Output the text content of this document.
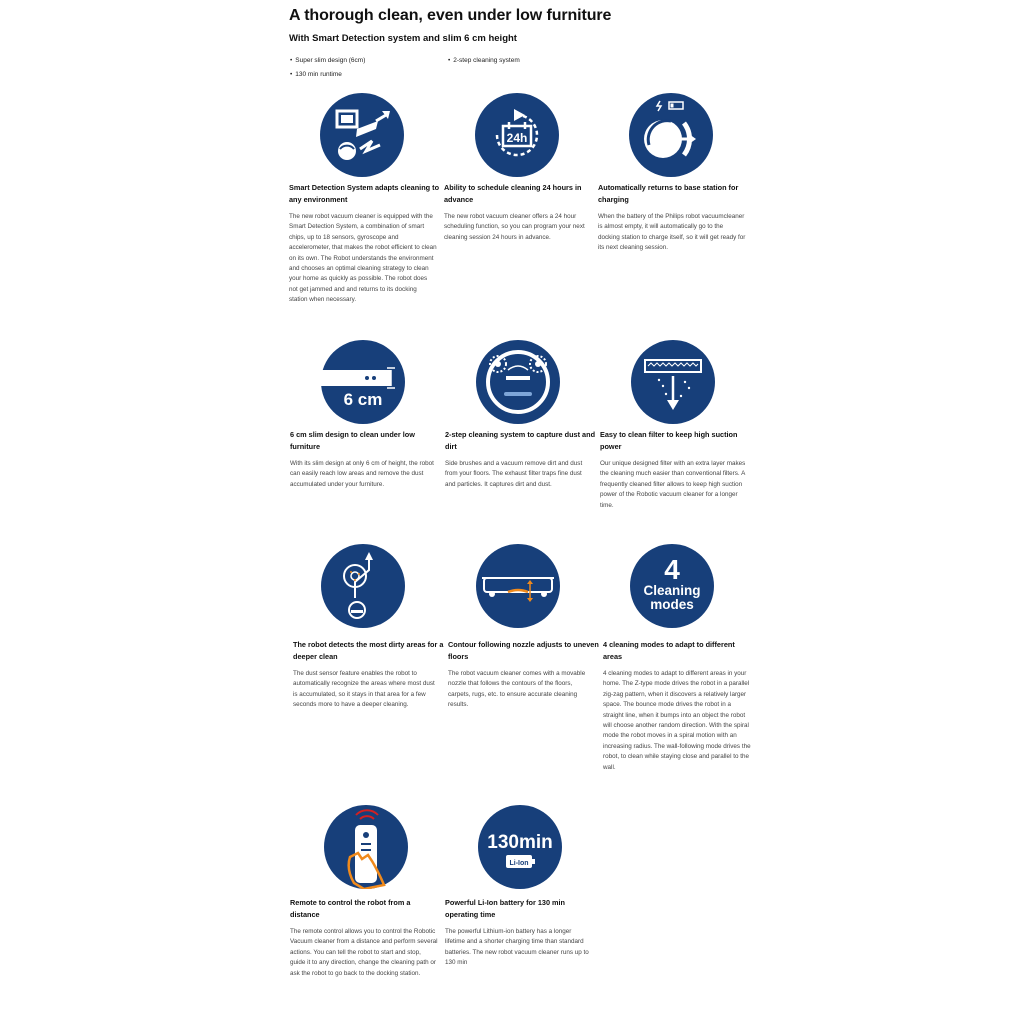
A thorough clean, even under low furniture
With Smart Detection system and slim 6 cm height
• Super slim design (6cm)
•	2-step cleaning system
• 130 min runtime
Smart Detection System adapts cleaning to any environment
The new robot vacuum cleaner is equipped with the Smart Detection System, a combination of smart chips, up to 18 sensors, gyroscope and accelerometer, that makes the robot efficient to clean on its own. The Robot understands the environment and chooses an optimal cleaning strategy to clean your home as quickly as possible. The robot does not get jammed and and returns to its docking station when necessary.
24h
Ability to schedule cleaning 24 hours in advance
The new robot vacuum cleaner offers a 24 hour scheduling function, so you can program your next cleaning session 24 hours in advance.
Automatically returns to base station for charging
When the battery of the Philips robot vacuumcleaner is almost empty, it will automatically go to the docking station to charge itself, so it will get ready for its next cleaning session.
6 cm
6 cm slim design to clean under low furniture
With its slim design at only 6 cm of height, the robot can easily reach low areas and remove the dust accumulated under your furniture.
2-step cleaning system to capture dust and dirt
Side brushes and a vacuum remove dirt and dust from your floors. The exhaust filter traps fine dust and particles. It captures dirt and dust.
Easy to clean filter to keep high suction power
Our unique designed filter with an extra layer makes the cleaning much easier than conventional filters. A frequently cleaned filter allows to keep high suction power of the Robotic vacuum cleaner for a longer time.
The robot detects the most dirty areas for a deeper clean
The dust sensor feature enables the robot to automatically recognize the areas where most dust is accumulated, so it stays in that area for a few seconds more to have a deeper cleaning.
Contour following nozzle adjusts to uneven floors
The robot vacuum cleaner comes with a movable nozzle that follows the contours of the floors, carpets, rugs, etc. to ensure accurate cleaning results.
4
Cleaning
modes
4 cleaning modes to adapt to different areas
4 cleaning modes to adapt to different areas in your home. The Z-type mode drives the robot in a parallel zig-zag pattern, when it discovers a relatively larger space. The bounce mode drives the robot in a straight line, when it bumps into an object the robot will choose another random direction. With the spiral mode the robot moves in a spiral motion with an increasing radius. The wall-following mode drives the robot, to clean while staying close and parallel to the wall.
Remote to control the robot from a distance
The remote control allows you to control the Robotic Vacuum cleaner from a distance and perform several actions. You can tell the robot to start and stop, guide it to any direction, change the cleaning path or ask the robot to go back to the docking station.
130min
Li-Ion
Powerful Li-Ion battery for 130 min operating time
The powerful Lithium-ion battery has a longer lifetime and a shorter charging time than standard batteries. The new robot vacuum cleaner runs up to 130 min
